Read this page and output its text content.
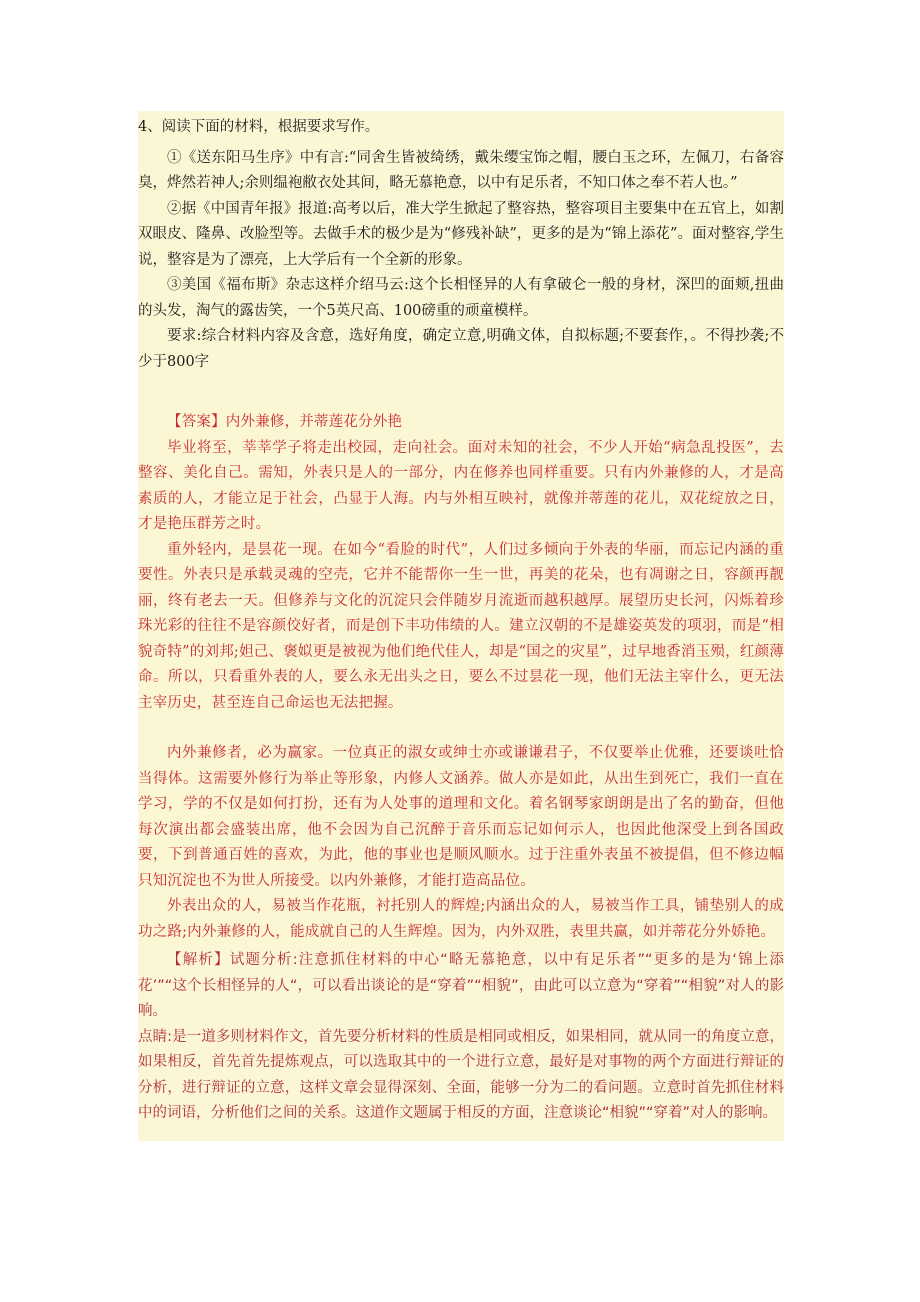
4、阅读下面的材料，根据要求写作。

①《送东阳马生序》中有言:“同舍生皆被绮绣，戴朱缨宝饰之帽，腰白玉之环，左佩刀，右备容臭，烨然若神人;余则缊袍敝衣处其间，略无慕艳意，以中有足乐者，不知口体之奉不若人也。”

②据《中国青年报》报道:高考以后，准大学生掀起了整容热，整容项目主要集中在五官上，如割双眼皮、隆鼻、改脸型等。去做手术的极少是为“修残补缺”，更多的是为“锦上添花”。面对整容,学生说，整容是为了漂亮，上大学后有一个全新的形象。

③美国《福布斯》杂志这样介绍马云:这个长相怪异的人有拿破仑一般的身材，深凹的面颊,扭曲的头发，淘气的露齿笑，一个5英尺高、100磅重的顽童模样。

要求:综合材料内容及含意，选好角度，确定立意,明确文体，自拟标题;不要套作，。不得抄袭;不少于800字

【答案】内外兼修，并蒂莲花分外艳

毕业将至，莘莘学子将走出校园，走向社会。面对未知的社会，不少人开始“病急乱投医”，去整容、美化自己。需知，外表只是人的一部分，内在修养也同样重要。只有内外兼修的人，才是高素质的人，才能立足于社会，凸显于人海。内与外相互映衬，就像并蒂莲的花儿，双花绽放之日，才是艳压群芳之时。

重外轻内，是昙花一现。在如今“看脸的时代”，人们过多倾向于外表的华丽，而忘记内涵的重要性。外表只是承载灵魂的空壳，它并不能帮你一生一世，再美的花朵，也有凋谢之日，容颜再靓丽，终有老去一天。但修养与文化的沉淀只会伴随岁月流逝而越积越厚。展望历史长河，闪烁着珍珠光彩的往往不是容颜佼好者，而是创下丰功伟绩的人。建立汉朝的不是雄姿英发的项羽，而是“相貌奇特”的刘邦;妲己、褒姒更是被视为他们绝代佳人，却是“国之的灾星”，过早地香消玉殒，红颜薄命。所以，只看重外表的人，要么永无出头之日，要么不过昙花一现，他们无法主宰什么，更无法主宰历史，甚至连自己命运也无法把握。

内外兼修者，必为赢家。一位真正的淑女或绅士亦或谦谦君子，不仅要举止优雅，还要谈吐恰当得体。这需要外修行为举止等形象，内修人文涵养。做人亦是如此，从出生到死亡，我们一直在学习，学的不仅是如何打扮，还有为人处事的道理和文化。着名钢琴家朗朗是出了名的勤奋，但他每次演出都会盛装出席，他不会因为自己沉醉于音乐而忘记如何示人，也因此他深受上到各国政要，下到普通百姓的喜欢，为此，他的事业也是顺风顺水。过于注重外表虽不被提倡，但不修边幅只知沉淀也不为世人所接受。以内外兼修，才能打造高品位。

外表出众的人，易被当作花瓶，衬托别人的辉煌;内涵出众的人，易被当作工具，铺垫别人的成功之路;内外兼修的人，能成就自己的人生辉煌。因为，内外双胜，表里共赢，如并蒂花分外娇艳。

【解析】试题分析:注意抓住材料的中心“略无慕艳意，以中有足乐者”“更多的是为‘锦上添花’”“这个长相怪异的人“，可以看出谈论的是“穿着”“相貌”，由此可以立意为“穿着”“相貌”对人的影响。

点睛:是一道多则材料作文，首先要分析材料的性质是相同或相反，如果相同，就从同一的角度立意，如果相反，首先首先提炼观点，可以选取其中的一个进行立意，最好是对事物的两个方面进行辩证的分析，进行辩证的立意，这样文章会显得深刻、全面，能够一分为二的看问题。立意时首先抓住材料中的词语，分析他们之间的关系。这道作文题属于相反的方面，注意谈论“相貌”“穿着”对人的影响。
